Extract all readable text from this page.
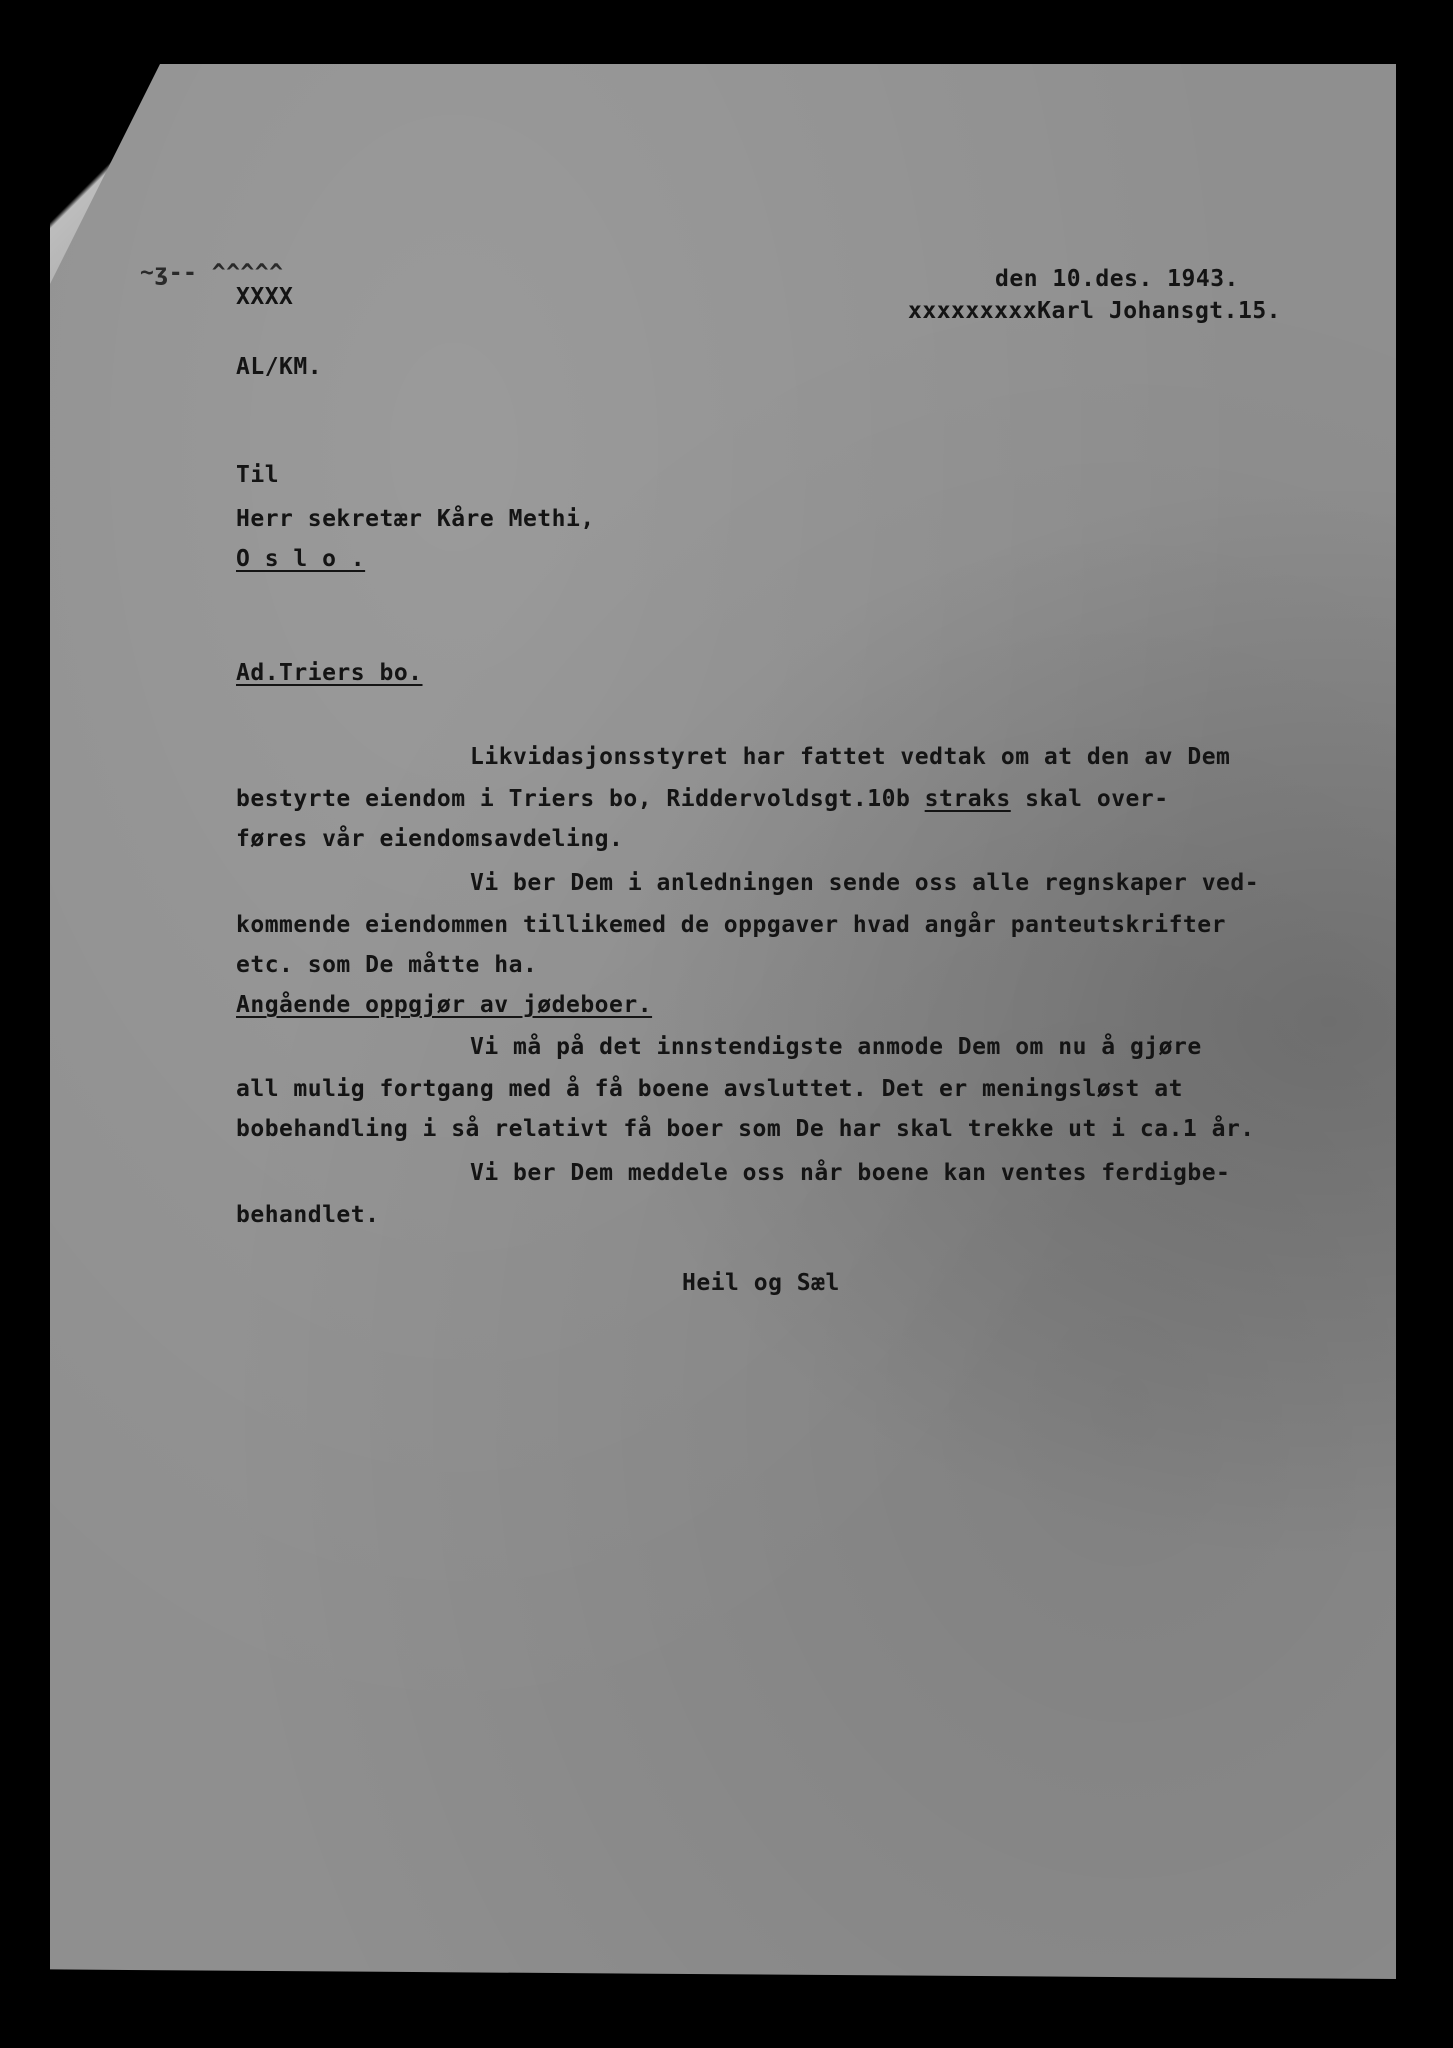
~ʒ-- ^^^^^
XXXX
den 10.des. 1943.
xxxxxxxxxKarl Johansgt.15.
AL/KM.
Til
Herr sekretær Kåre Methi,
O s l o .
Ad.Triers bo.
Likvidasjonsstyret har fattet vedtak om at den av Dem
bestyrte eiendom i Triers bo, Riddervoldsgt.10b straks skal over-
føres vår eiendomsavdeling.
Vi ber Dem i anledningen sende oss alle regnskaper ved-
kommende eiendommen tillikemed de oppgaver hvad angår panteutskrifter
etc. som De måtte ha.
Angående oppgjør av jødeboer.
Vi må på det innstendigste anmode Dem om nu å gjøre
all mulig fortgang med å få boene avsluttet. Det er meningsløst at
bobehandling i så relativt få boer som De har skal trekke ut i ca.1 år.
Vi ber Dem meddele oss når boene kan ventes ferdigbe-
behandlet.
Heil og Sæl
